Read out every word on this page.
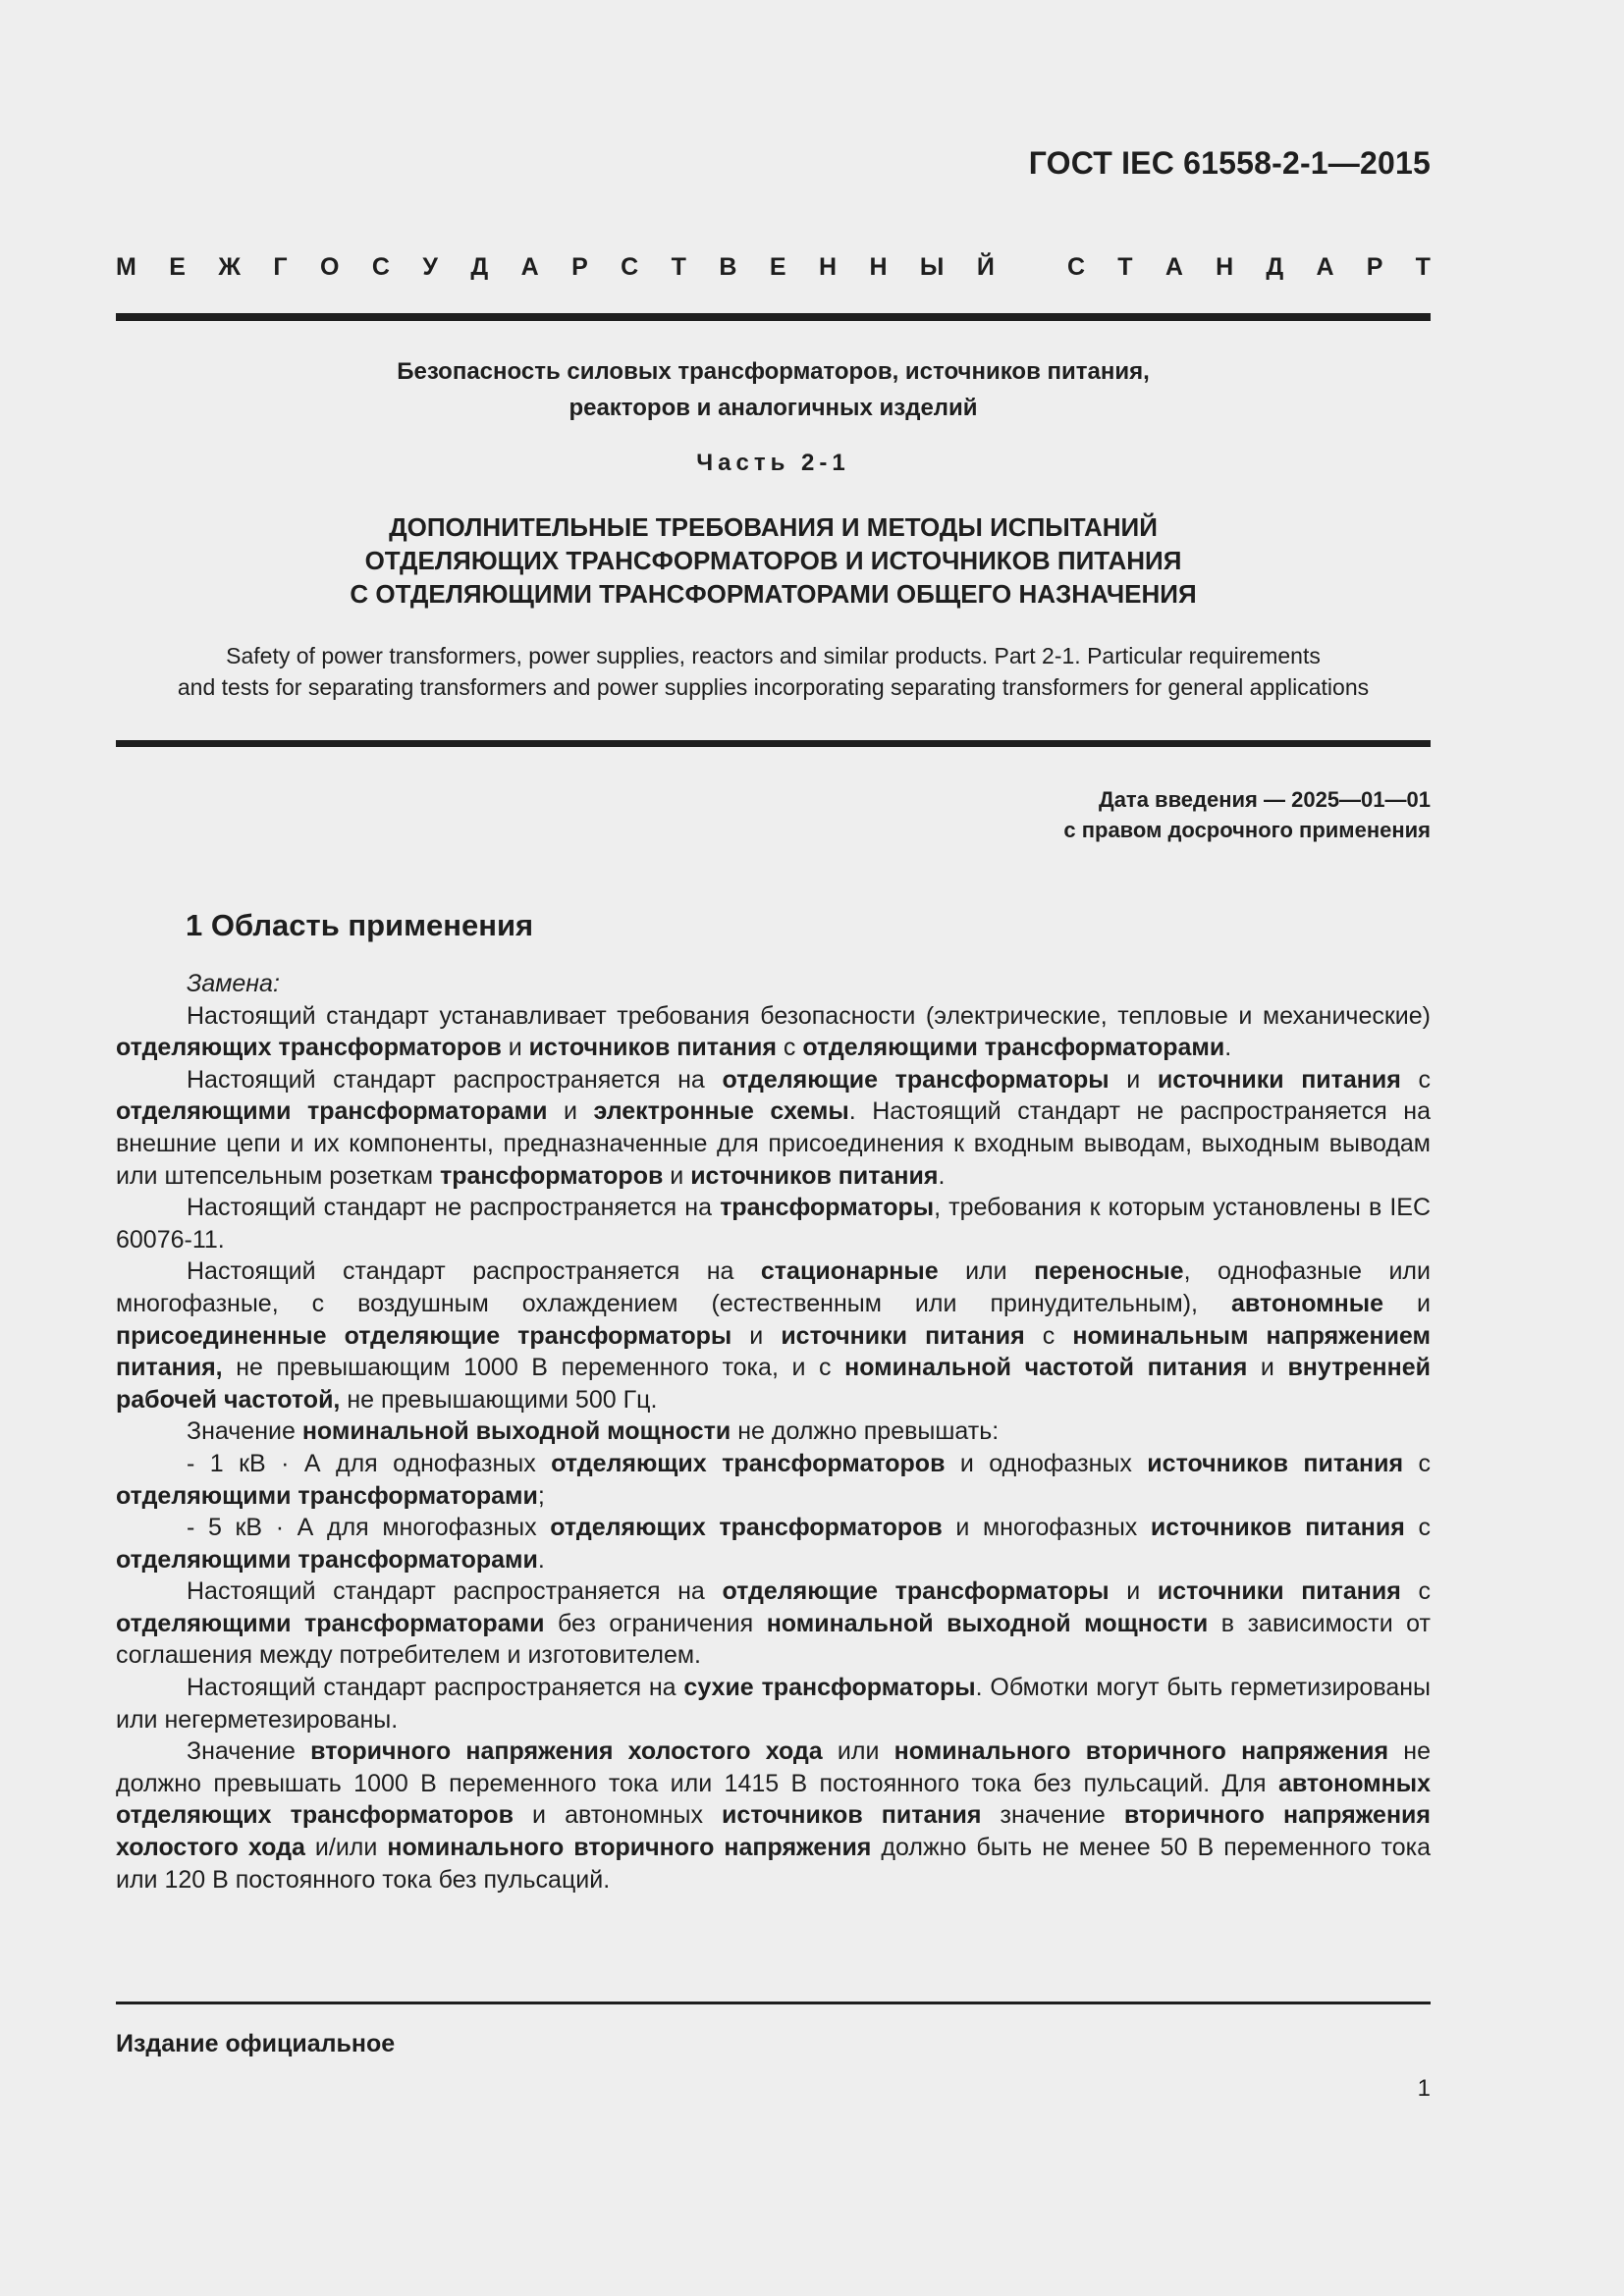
ГОСТ IEC 61558-2-1—2015
М Е Ж Г О С У Д А Р С Т В Е Н Н Ы Й	С Т А Н Д А Р Т
Безопасность силовых трансформаторов, источников питания,
реакторов и аналогичных изделий
Часть 2-1
ДОПОЛНИТЕЛЬНЫЕ ТРЕБОВАНИЯ И МЕТОДЫ ИСПЫТАНИЙ
ОТДЕЛЯЮЩИХ ТРАНСФОРМАТОРОВ И ИСТОЧНИКОВ ПИТАНИЯ
С ОТДЕЛЯЮЩИМИ ТРАНСФОРМАТОРАМИ ОБЩЕГО НАЗНАЧЕНИЯ
Safety of power transformers, power supplies, reactors and similar products. Part 2-1. Particular requirements
and tests for separating transformers and power supplies incorporating separating transformers for general applications
Дата введения — 2025—01—01
с правом досрочного применения
1 Область применения

Замена:

Настоящий стандарт устанавливает требования безопасности (электрические, тепловые и механические) отделяющих трансформаторов и источников питания с отделяющими трансформаторами.

Настоящий стандарт распространяется на отделяющие трансформаторы и источники питания с отделяющими трансформаторами и электронные схемы. Настоящий стандарт не распространяется на внешние цепи и их компоненты, предназначенные для присоединения к входным выводам, выходным выводам или штепсельным розеткам трансформаторов и источников питания.

Настоящий стандарт не распространяется на трансформаторы, требования к которым установлены в IEC 60076-11.

Настоящий стандарт распространяется на стационарные или переносные, однофазные или многофазные, с воздушным охлаждением (естественным или принудительным), автономные и присоединенные отделяющие трансформаторы и источники питания с номинальным напряжением питания, не превышающим 1000 В переменного тока, и с номинальной частотой питания и внутренней рабочей частотой, не превышающими 500 Гц.

Значение номинальной выходной мощности не должно превышать:

- 1 кВ · А для однофазных отделяющих трансформаторов и однофазных источников питания с отделяющими трансформаторами;

- 5 кВ · А для многофазных отделяющих трансформаторов и многофазных источников питания с отделяющими трансформаторами.

Настоящий стандарт распространяется на отделяющие трансформаторы и источники питания с отделяющими трансформаторами без ограничения номинальной выходной мощности в зависимости от соглашения между потребителем и изготовителем.

Настоящий стандарт распространяется на сухие трансформаторы. Обмотки могут быть герметизированы или негерметезированы.

Значение вторичного напряжения холостого хода или номинального вторичного напряжения не должно превышать 1000 В переменного тока или 1415 В постоянного тока без пульсаций. Для автономных отделяющих трансформаторов и автономных источников питания значение вторичного напряжения холостого хода и/или номинального вторичного напряжения должно быть не менее 50 В переменного тока или 120 В постоянного тока без пульсаций.

Издание официальное
1
